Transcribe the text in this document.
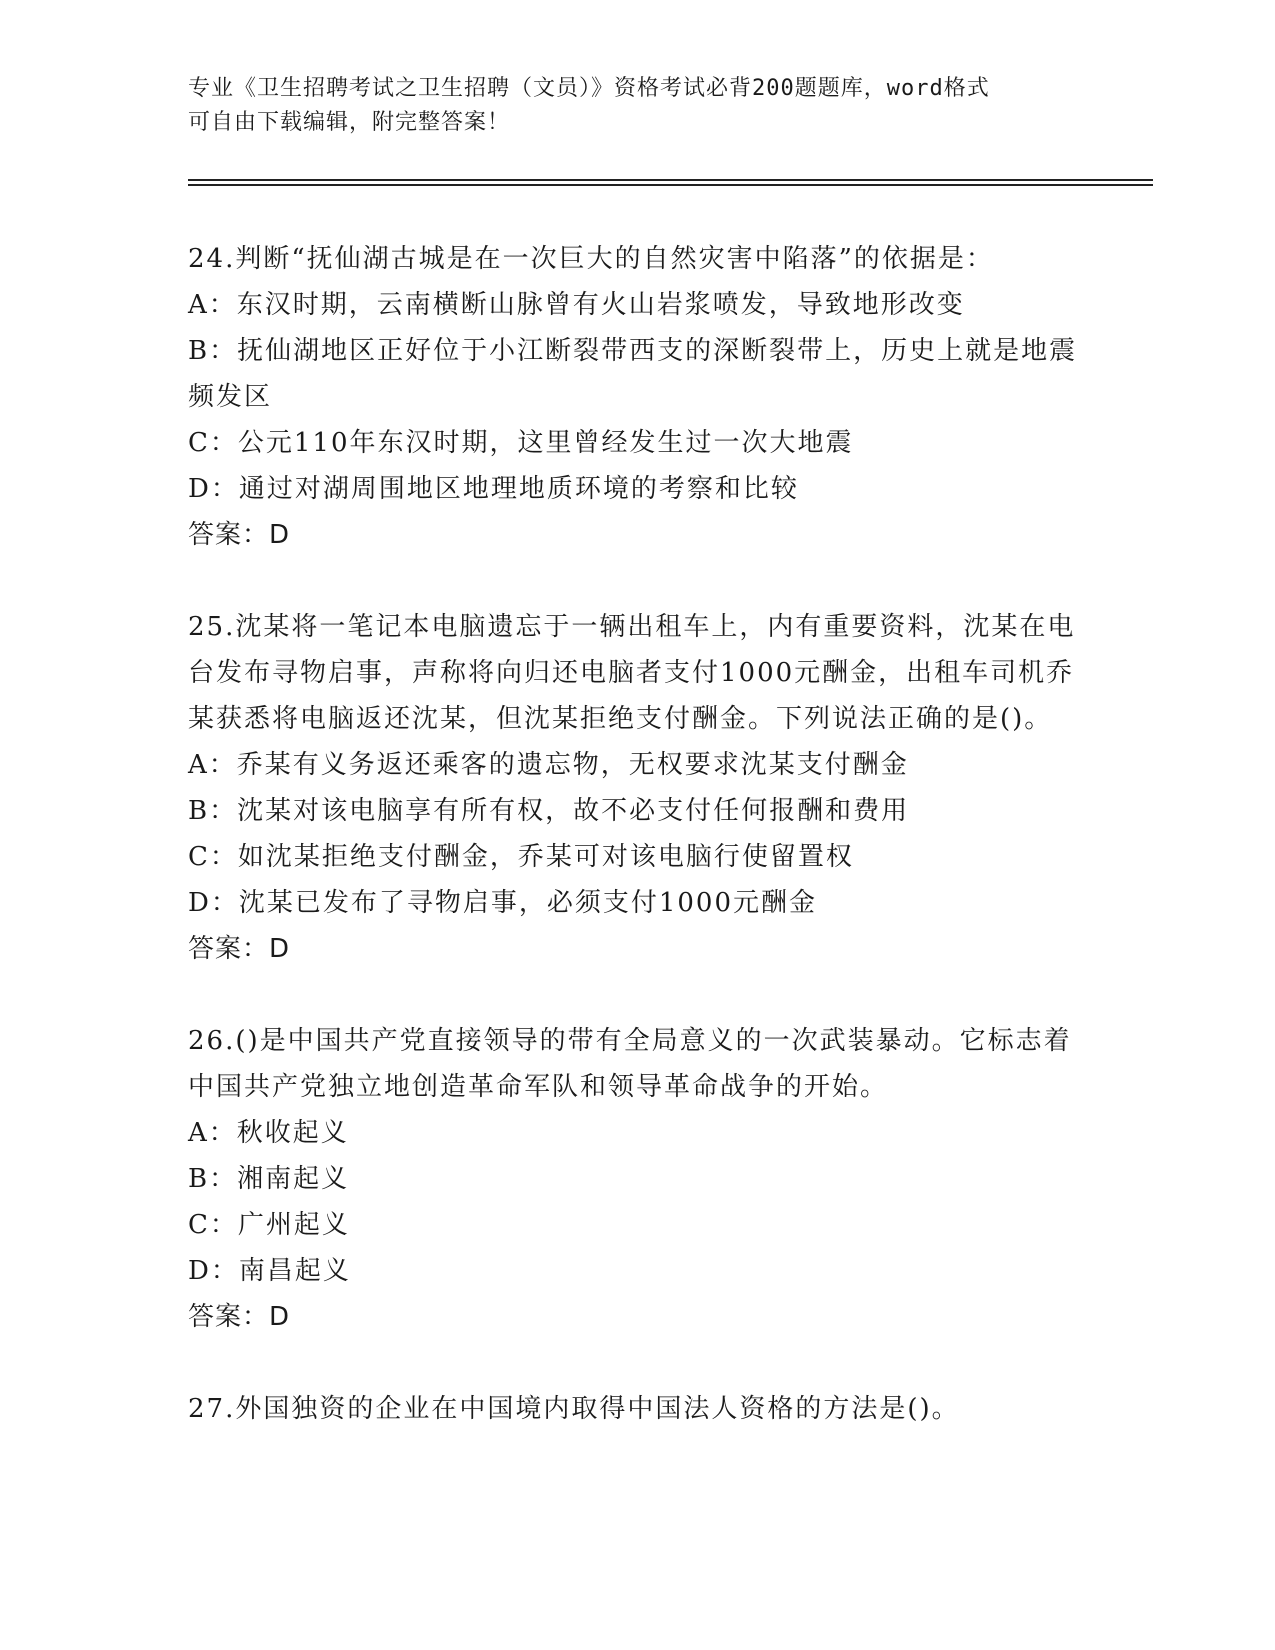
专业《卫生招聘考试之卫生招聘（文员）》资格考试必背200题题库，word格式
可自由下载编辑，附完整答案！
24.判断“抚仙湖古城是在一次巨大的自然灾害中陷落”的依据是：
A：东汉时期，云南横断山脉曾有火山岩浆喷发，导致地形改变
B：抚仙湖地区正好位于小江断裂带西支的深断裂带上，历史上就是地震频发区
C：公元110年东汉时期，这里曾经发生过一次大地震
D：通过对湖周围地区地理地质环境的考察和比较
答案：D
25.沈某将一笔记本电脑遗忘于一辆出租车上，内有重要资料，沈某在电台发布寻物启事，声称将向归还电脑者支付1000元酬金，出租车司机乔某获悉将电脑返还沈某，但沈某拒绝支付酬金。下列说法正确的是()。
A：乔某有义务返还乘客的遗忘物，无权要求沈某支付酬金
B：沈某对该电脑享有所有权，故不必支付任何报酬和费用
C：如沈某拒绝支付酬金，乔某可对该电脑行使留置权
D：沈某已发布了寻物启事，必须支付1000元酬金
答案：D
26.()是中国共产党直接领导的带有全局意义的一次武装暴动。它标志着中国共产党独立地创造革命军队和领导革命战争的开始。
A：秋收起义
B：湘南起义
C：广州起义
D：南昌起义
答案：D
27.外国独资的企业在中国境内取得中国法人资格的方法是()。
